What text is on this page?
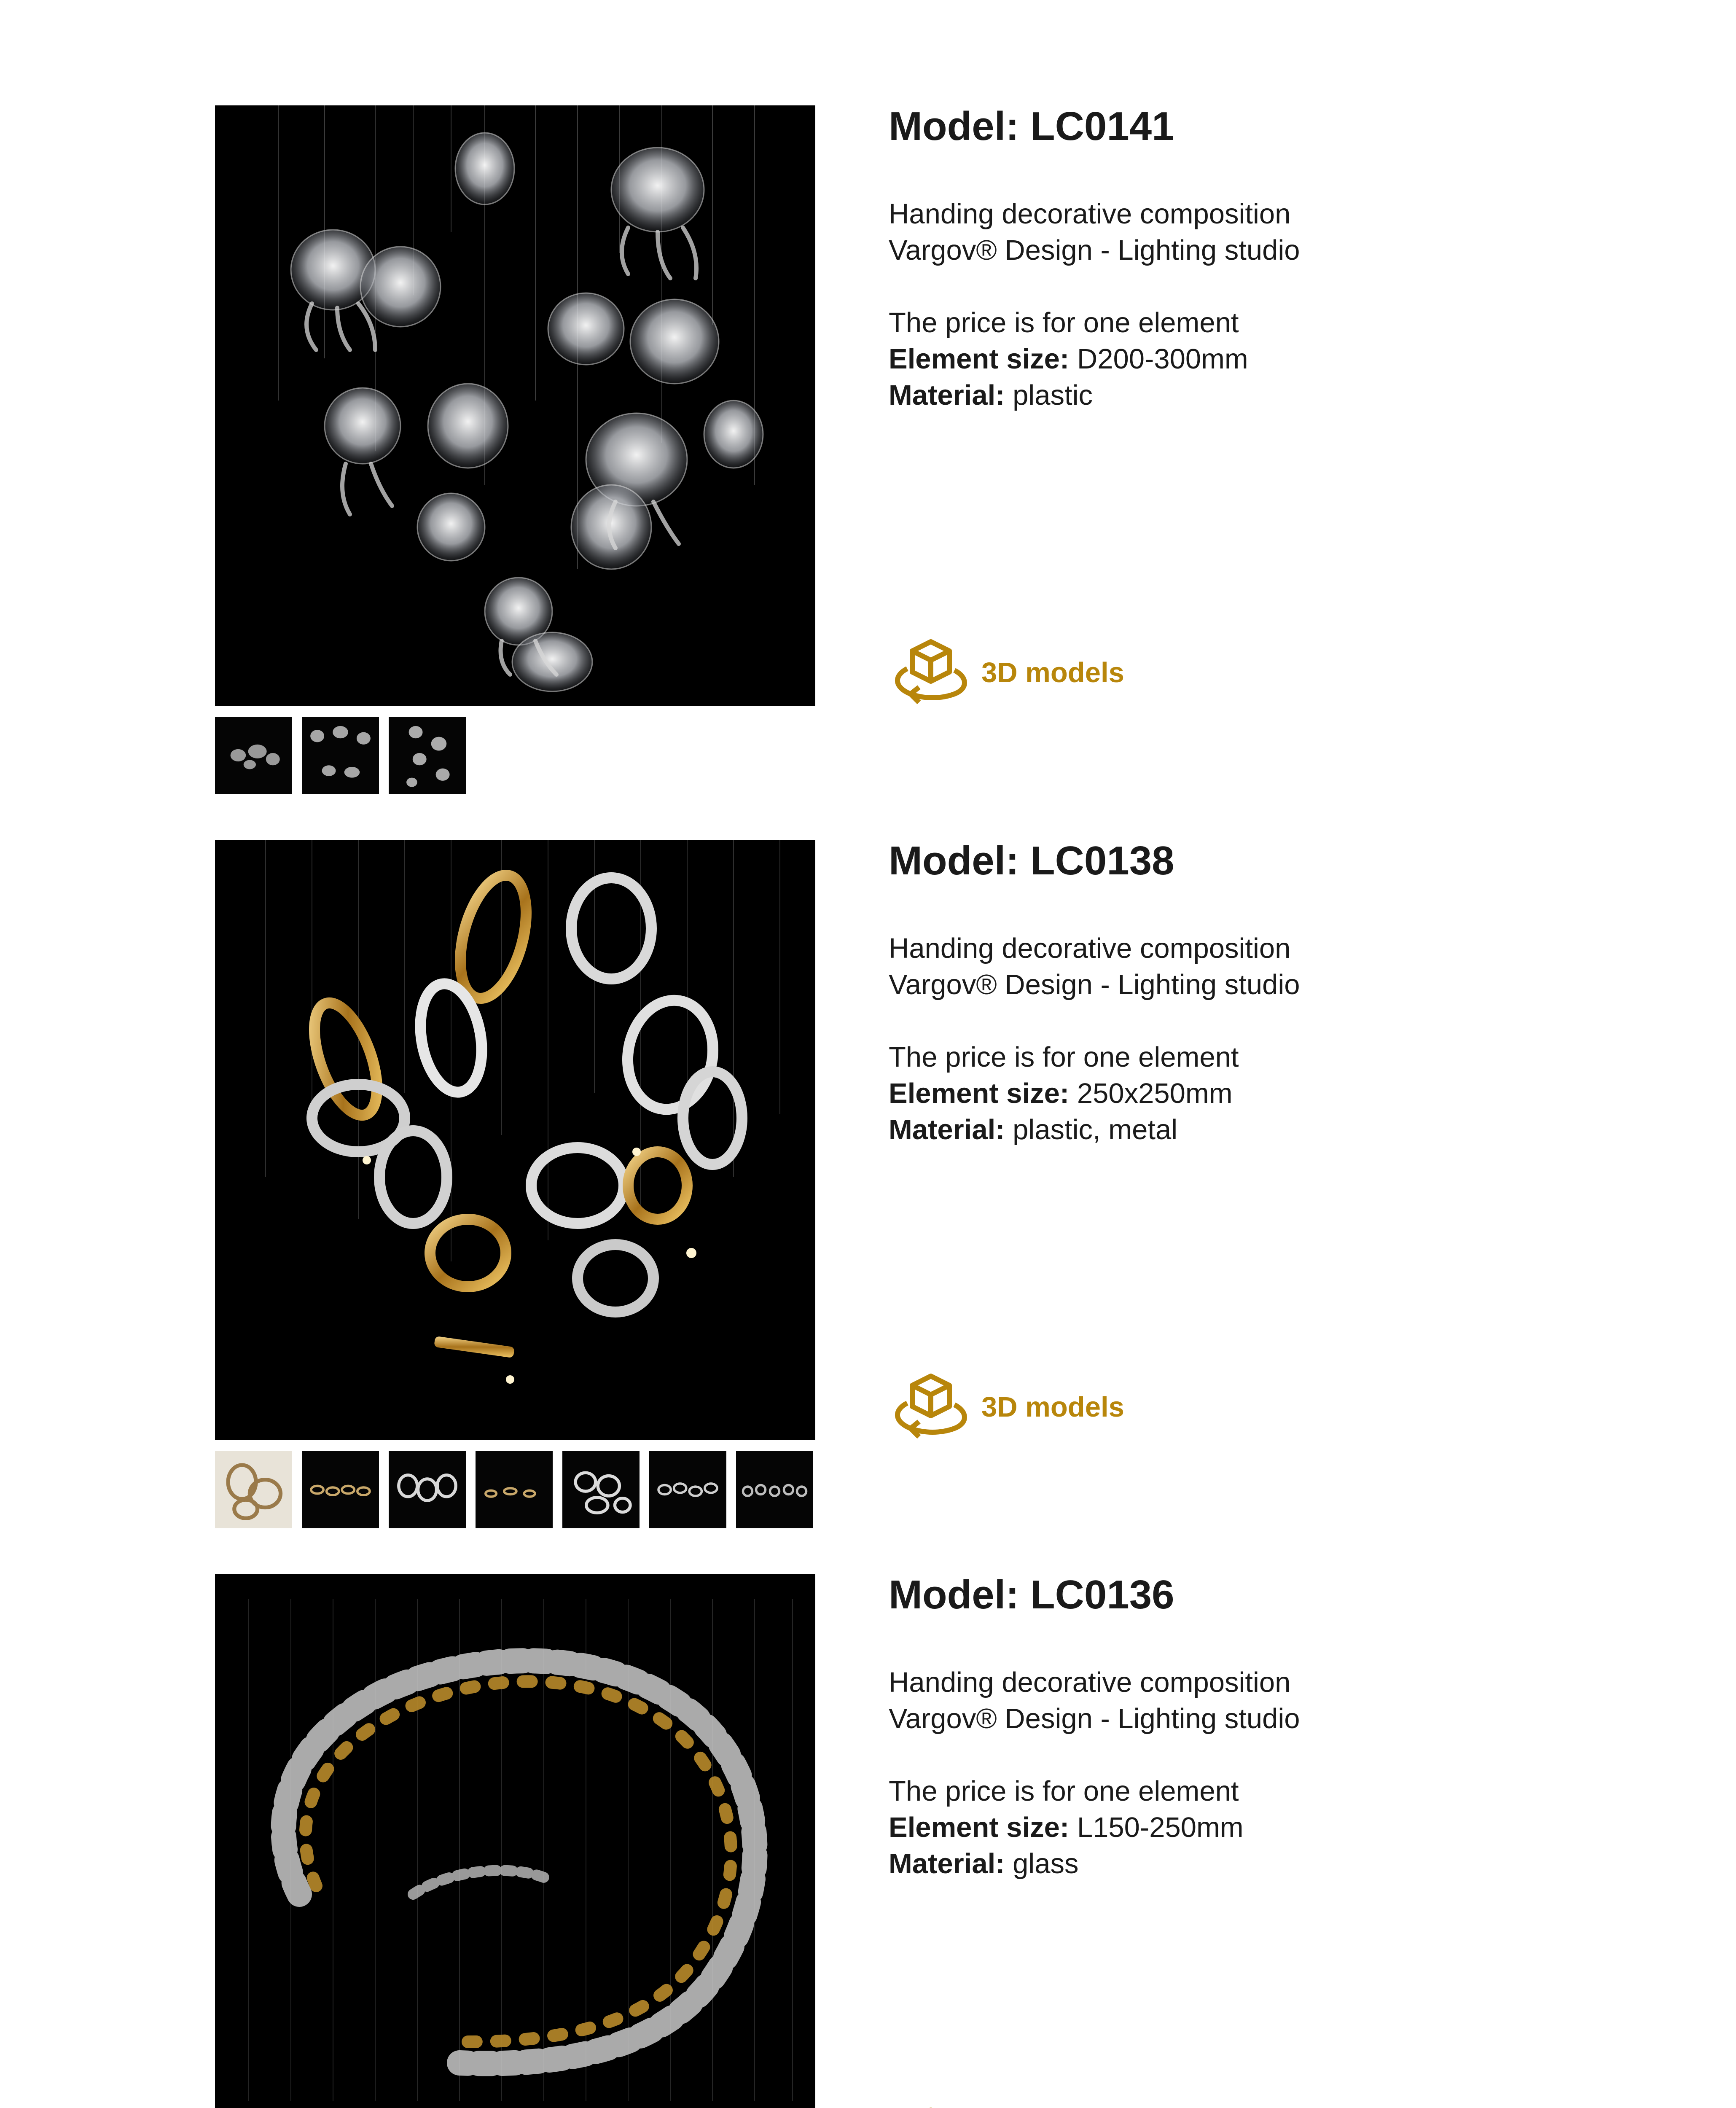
Model: LC0141
Handing decorative composition
Vargov® Design - Lighting studio
The price is for one element
Element size: D200-300mm
Material: plastic
3D models
Model: LC0138
Handing decorative composition
Vargov® Design - Lighting studio
The price is for one element
Element size: 250x250mm
Material: plastic, metal
3D models
Model: LC0136
Handing decorative composition
Vargov® Design - Lighting studio
The price is for one element
Element size: L150-250mm
Material: glass
